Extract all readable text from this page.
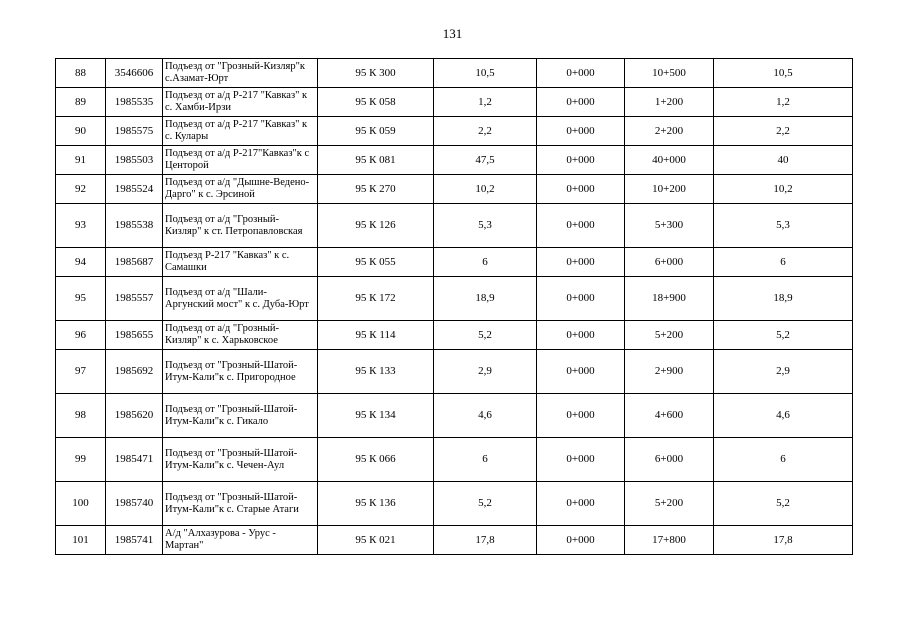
131
88	3546606	Подъезд от "Грозный-Кизляр"к с.Азамат-Юрт	95 К 300	10,5	0+000	10+500	10,5
89	1985535	Подъезд от а/д Р-217 "Кавказ" к с. Хамби-Ирзи	95 К 058	1,2	0+000	1+200	1,2
90	1985575	Подъезд от а/д Р-217 "Кавказ" к с. Кулары	95 К 059	2,2	0+000	2+200	2,2
91	1985503	Подъезд от а/д Р-217"Кавказ"к с Центорой	95 К 081	47,5	0+000	40+000	40
92	1985524	Подъезд от а/д "Дышне-Ведено-Дарго" к с. Эрсиной	95 К 270	10,2	0+000	10+200	10,2
93	1985538	Подъезд от а/д "Грозный-Кизляр" к ст. Петропавловская	95 К 126	5,3	0+000	5+300	5,3
94	1985687	Подъезд Р-217 "Кавказ" к с. Самашки	95 К 055	6	0+000	6+000	6
95	1985557	Подъезд от а/д "Шали-Аргунский мост" к с. Дуба-Юрт	95 К 172	18,9	0+000	18+900	18,9
96	1985655	Подъезд от а/д "Грозный-Кизляр" к с. Харьковское	95 К 114	5,2	0+000	5+200	5,2
97	1985692	Подъезд от "Грозный-Шатой-Итум-Кали"к с. Пригородное	95 К 133	2,9	0+000	2+900	2,9
98	1985620	Подъезд от "Грозный-Шатой-Итум-Кали"к с. Гикало	95 К 134	4,6	0+000	4+600	4,6
99	1985471	Подъезд от "Грозный-Шатой-Итум-Кали"к с. Чечен-Аул	95 К 066	6	0+000	6+000	6
100	1985740	Подъезд от "Грозный-Шатой-Итум-Кали"к с. Старые Атаги	95 К 136	5,2	0+000	5+200	5,2
101	1985741	А/д "Алхазурова - Урус - Мартан"	95 К 021	17,8	0+000	17+800	17,8
